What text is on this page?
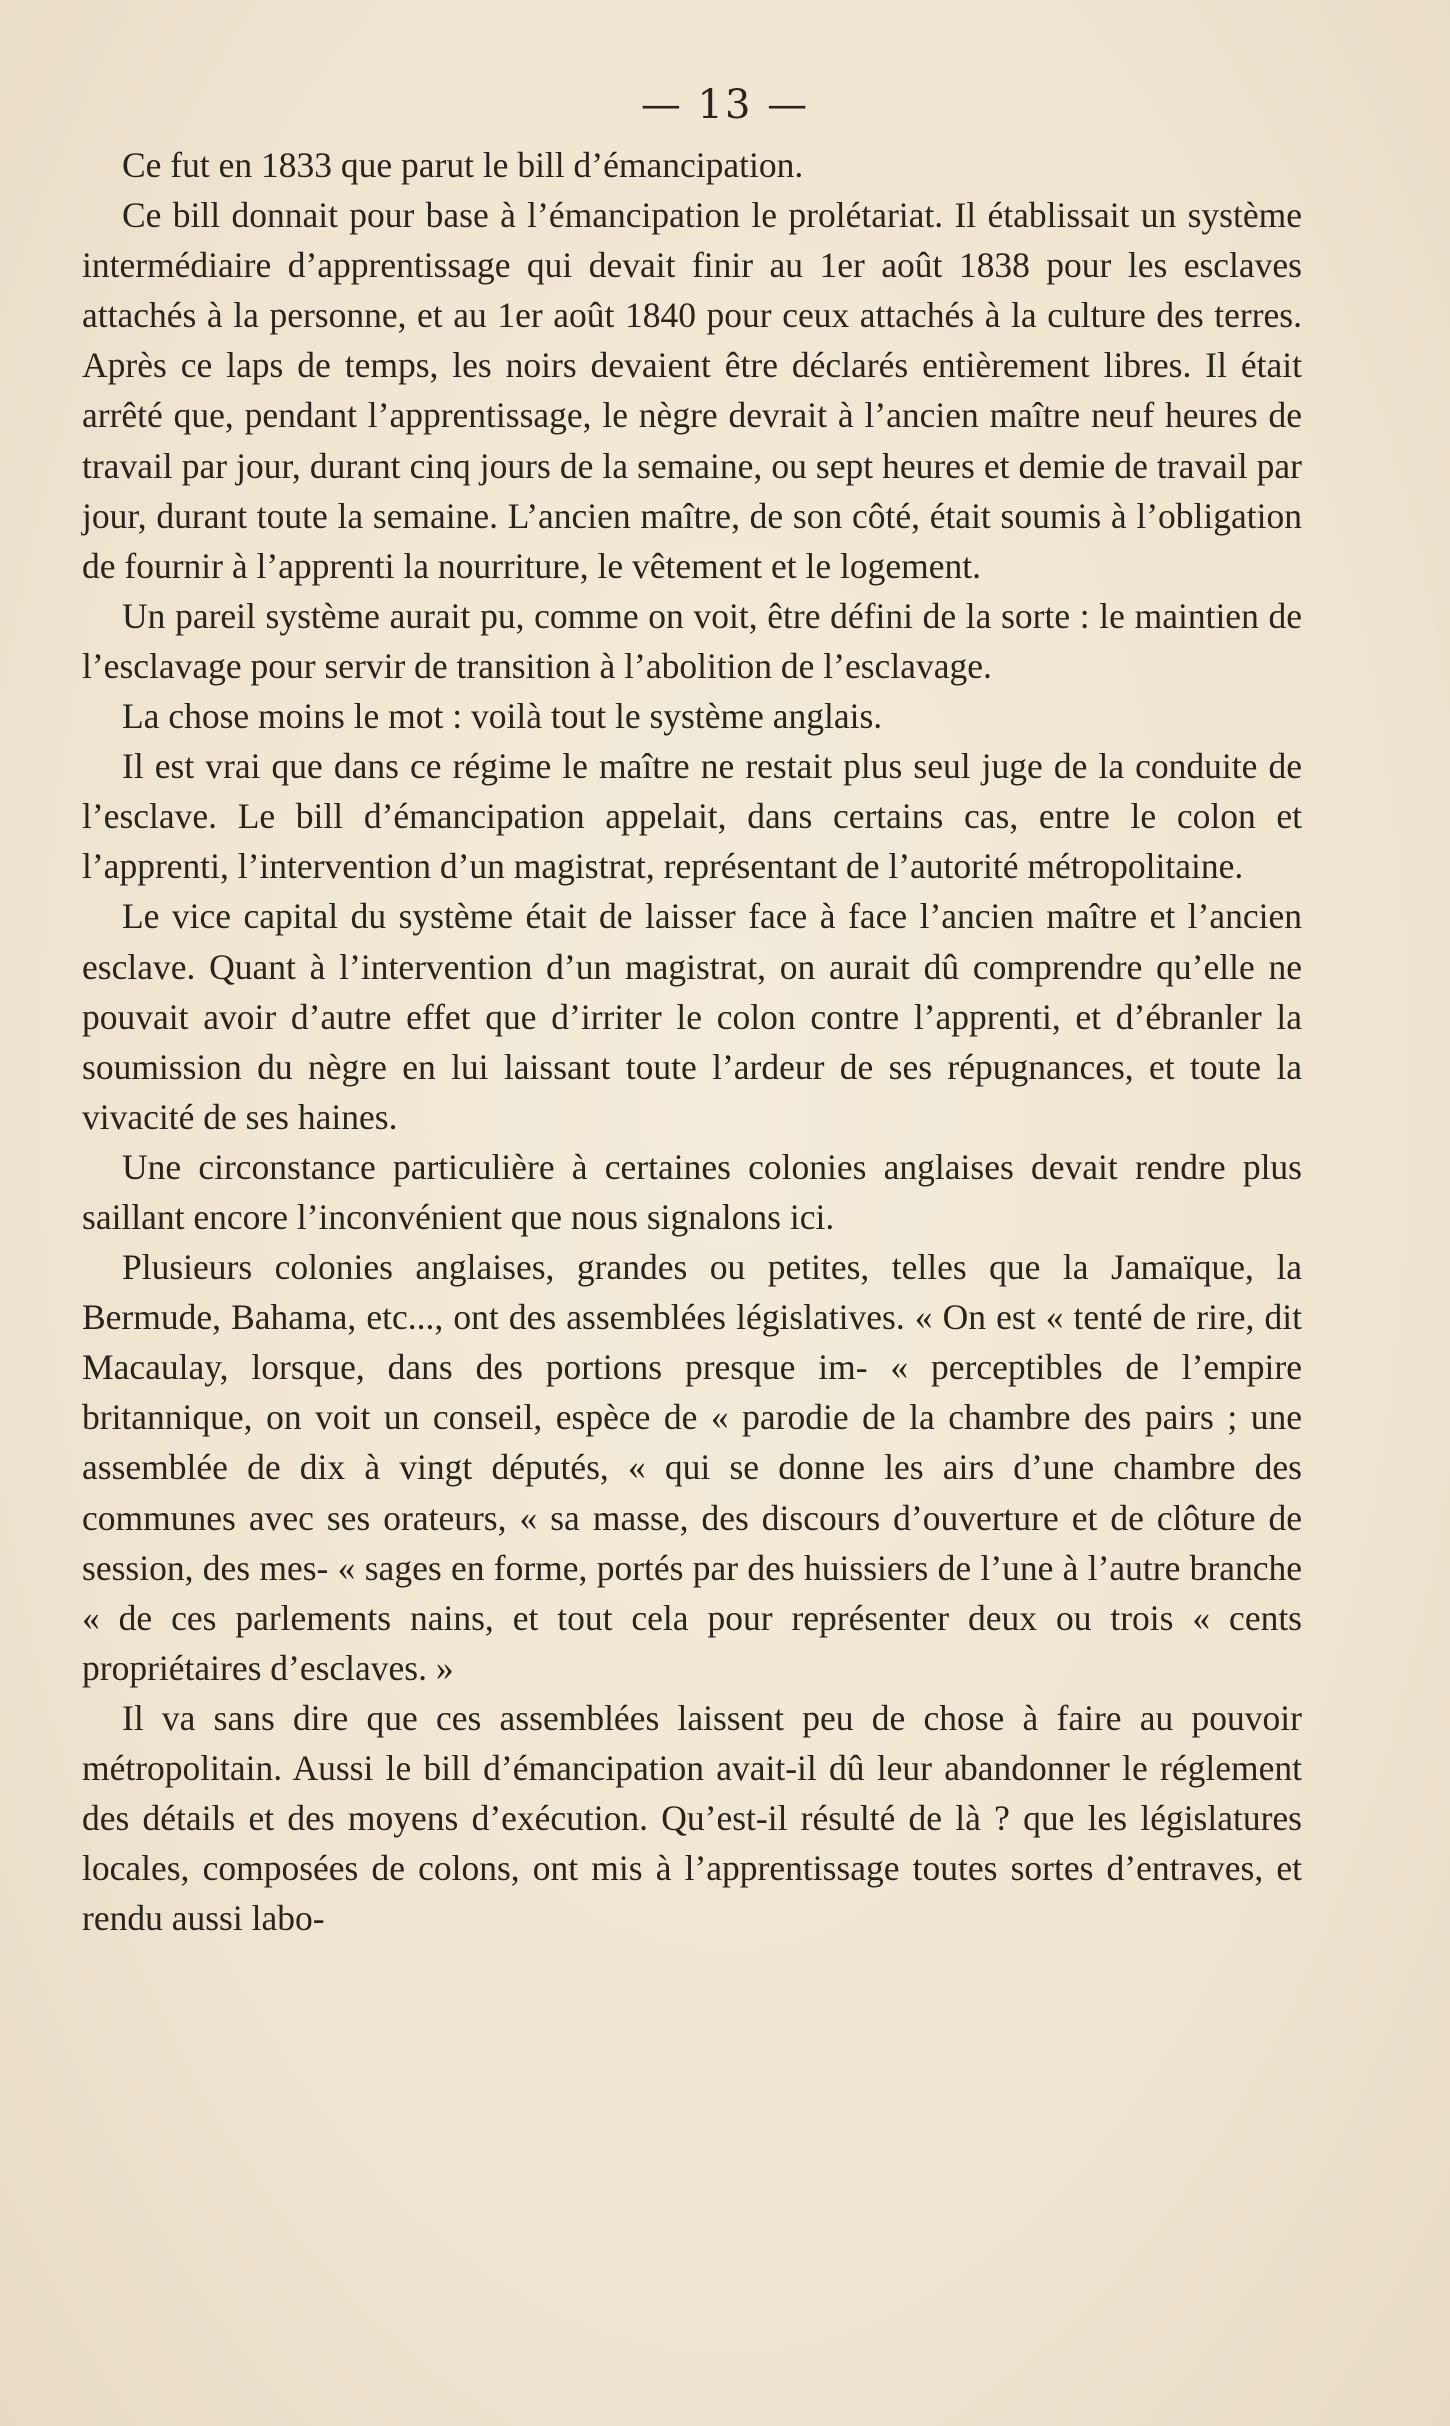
— 13 —

Ce fut en 1833 que parut le bill d’émancipation.

Ce bill donnait pour base à l’émancipation le prolétariat. Il établissait un système intermédiaire d’apprentissage qui devait finir au 1er août 1838 pour les esclaves attachés à la personne, et au 1er août 1840 pour ceux attachés à la culture des terres. Après ce laps de temps, les noirs devaient être déclarés entièrement libres. Il était arrêté que, pendant l’apprentissage, le nègre devrait à l’ancien maître neuf heures de travail par jour, durant cinq jours de la semaine, ou sept heures et demie de travail par jour, durant toute la semaine. L’ancien maître, de son côté, était soumis à l’obligation de fournir à l’apprenti la nourriture, le vêtement et le logement.

Un pareil système aurait pu, comme on voit, être défini de la sorte : le maintien de l’esclavage pour servir de transition à l’abolition de l’esclavage.

La chose moins le mot : voilà tout le système anglais.

Il est vrai que dans ce régime le maître ne restait plus seul juge de la conduite de l’esclave. Le bill d’émancipation appelait, dans certains cas, entre le colon et l’apprenti, l’intervention d’un magistrat, représentant de l’autorité métropolitaine.

Le vice capital du système était de laisser face à face l’ancien maître et l’ancien esclave. Quant à l’intervention d’un magistrat, on aurait dû comprendre qu’elle ne pouvait avoir d’autre effet que d’irriter le colon contre l’apprenti, et d’ébranler la soumission du nègre en lui laissant toute l’ardeur de ses répugnances, et toute la vivacité de ses haines.

Une circonstance particulière à certaines colonies anglaises devait rendre plus saillant encore l’inconvénient que nous signalons ici.

Plusieurs colonies anglaises, grandes ou petites, telles que la Jamaïque, la Bermude, Bahama, etc..., ont des assemblées législatives. « On est « tenté de rire, dit Macaulay, lorsque, dans des portions presque im- « perceptibles de l’empire britannique, on voit un conseil, espèce de « parodie de la chambre des pairs ; une assemblée de dix à vingt députés, « qui se donne les airs d’une chambre des communes avec ses orateurs, « sa masse, des discours d’ouverture et de clôture de session, des mes- « sages en forme, portés par des huissiers de l’une à l’autre branche « de ces parlements nains, et tout cela pour représenter deux ou trois « cents propriétaires d’esclaves. »

Il va sans dire que ces assemblées laissent peu de chose à faire au pouvoir métropolitain. Aussi le bill d’émancipation avait-il dû leur abandonner le réglement des détails et des moyens d’exécution. Qu’est-il résulté de là ? que les législatures locales, composées de colons, ont mis à l’apprentissage toutes sortes d’entraves, et rendu aussi labo-
